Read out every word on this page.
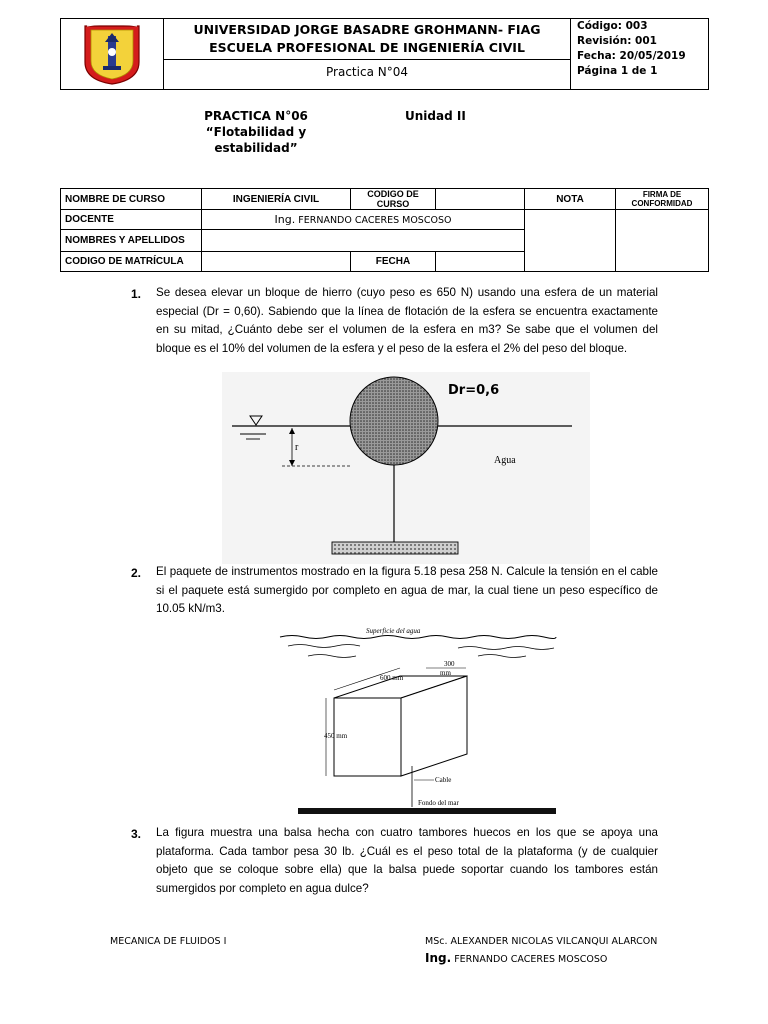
UNIVERSIDAD JORGE BASADRE GROHMANN- FIAG
ESCUELA PROFESIONAL DE INGENIERÍA CIVIL
Practica N°04
Código: 003
Revisión: 001
Fecha: 20/05/2019
Página 1 de 1
PRACTICA N°06
“Flotabilidad y
estabilidad”
Unidad II
NOMBRE DE CURSO	INGENIERÍA CIVIL	CODIGO DE CURSO		NOTA	FIRMA DE CONFORMIDAD
DOCENTE	Ing. FERNANDO CACERES MOSCOSO				
NOMBRES Y APELLIDOS					
CODIGO DE MATRÍCULA		FECHA			
1. Se desea elevar un bloque de hierro (cuyo peso es 650 N) usando una esfera de un material especial (Dr = 0,60). Sabiendo que la línea de flotación de la esfera se encuentra exactamente en su mitad, ¿Cuánto debe ser el volumen de la esfera en m3? Se sabe que el volumen del bloque es el 10% del volumen de la esfera y el peso de la esfera el 2% del peso del bloque.
r
Agua
Dr=0,6
2. El paquete de instrumentos mostrado en la figura 5.18 pesa 258 N. Calcule la tensión en el cable si el paquete está sumergido por completo en agua de mar, la cual tiene un peso específico de 10.05 kN/m3.
Superficie del agua
300
mm
600 mm
450 mm
Cable
Fondo del mar
3. La figura muestra una balsa hecha con cuatro tambores huecos en los que se apoya una plataforma. Cada tambor pesa 30 lb. ¿Cuál es el peso total de la plataforma (y de cualquier objeto que se coloque sobre ella) que la balsa puede soportar cuando los tambores están sumergidos por completo en agua dulce?
MECANICA DE FLUIDOS I	MSc. ALEXANDER NICOLAS VILCANQUI ALARCON
Ing. FERNANDO CACERES MOSCOSO
